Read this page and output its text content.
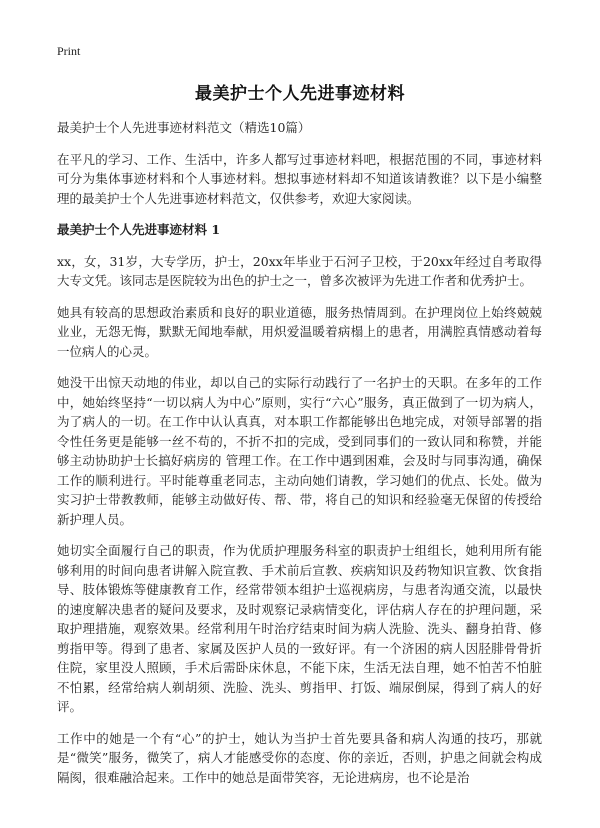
Print
最美护士个人先进事迹材料

最美护士个人先进事迹材料范文（精选10篇）

在平凡的学习、工作、生活中，许多人都写过事迹材料吧，根据范围的不同，事迹材料可分为集体事迹材料和个人事迹材料。想拟事迹材料却不知道该请教谁？以下是小编整理的最美护士个人先进事迹材料范文，仅供参考，欢迎大家阅读。

最美护士个人先进事迹材料 1

xx，女，31岁，大专学历，护士，20xx年毕业于石河子卫校，于20xx年经过自考取得大专文凭。该同志是医院较为出色的护士之一，曾多次被评为先进工作者和优秀护士。

她具有较高的思想政治素质和良好的职业道德，服务热情周到。在护理岗位上始终兢兢业业，无怨无悔，默默无闻地奉献，用炽爱温暖着病榻上的患者，用满腔真情感动着每一位病人的心灵。

她没干出惊天动地的伟业，却以自己的实际行动践行了一名护士的天职。在多年的工作中，她始终坚持“一切以病人为中心”原则，实行“六心”服务，真正做到了一切为病人，为了病人的一切。在工作中认认真真，对本职工作都能够出色地完成，对领导部署的指令性任务更是能够一丝不苟的，不折不扣的完成，受到同事们的一致认同和称赞，并能够主动协助护士长搞好病房的 管理工作。在工作中遇到困难，会及时与同事沟通，确保工作的顺利进行。平时能尊重老同志，主动向她们请教，学习她们的优点、长处。做为实习护士带教教师，能够主动做好传、帮、带，将自己的知识和经验毫无保留的传授给新护理人员。

她切实全面履行自己的职责，作为优质护理服务科室的职责护士组组长，她利用所有能够利用的时间向患者讲解入院宣教、手术前后宣教、疾病知识及药物知识宣教、饮食指导、肢体锻炼等健康教育工作，经常带领本组护士巡视病房，与患者沟通交流，以最快的速度解决患者的疑问及要求，及时观察记录病情变化，评估病人存在的护理问题，采取护理措施，观察效果。经常利用午时治疗结束时间为病人洗脸、洗头、翻身拍背、修剪指甲等。得到了患者、家属及医护人员的一致好评。有一个济困的病人因胫腓骨骨折住院，家里没人照顾，手术后需卧床休息，不能下床，生活无法自理，她不怕苦不怕脏不怕累，经常给病人剃胡须、洗脸、洗头、剪指甲、打饭、端尿倒屎，得到了病人的好评。

工作中的她是一个有“心”的护士，她认为当护士首先要具备和病人沟通的技巧，那就是“微笑”服务，微笑了，病人才能感受你的态度、你的亲近，否则，护患之间就会构成隔阂，很难融洽起来。工作中的她总是面带笑容，无论进病房，也不论是治
